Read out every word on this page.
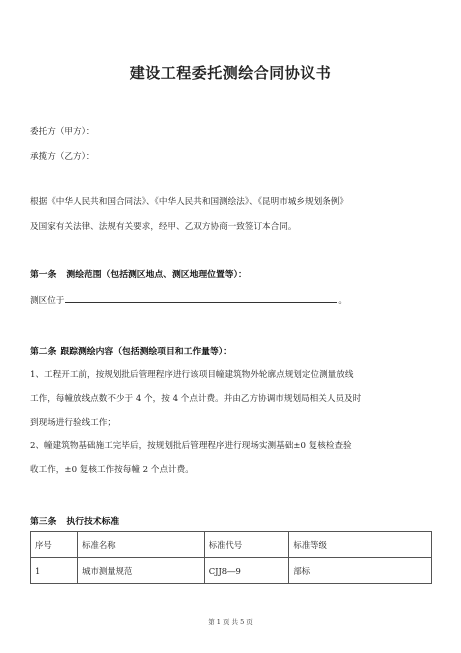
建设工程委托测绘合同协议书
委托方（甲方）：
承揽方（乙方）：
根据《中华人民共和国合同法》、《中华人民共和国测绘法》、《昆明市城乡规划条例》
及国家有关法律、法规有关要求，经甲、乙双方协商一致签订本合同。
第一条 测绘范围（包括测区地点、测区地理位置等）：
测区位于	。
第二条 跟踪测绘内容（包括测绘项目和工作量等）：
1、工程开工前，按规划批后管理程序进行该项目幢建筑物外轮廓点规划定位测量放线
工作，每幢放线点数不少于 4 个，按 4 个点计费。并由乙方协调市规划局相关人员及时
到现场进行验线工作；
2、幢建筑物基础施工完毕后，按规划批后管理程序进行现场实测基础±0 复核检查验
收工作，±0 复核工作按每幢 2 个点计费。
第三条 执行技术标准
序号	标准名称	标准代号	标准等级
1	城市测量规范	CJJ8―9	部标
第 1 页 共 5 页
